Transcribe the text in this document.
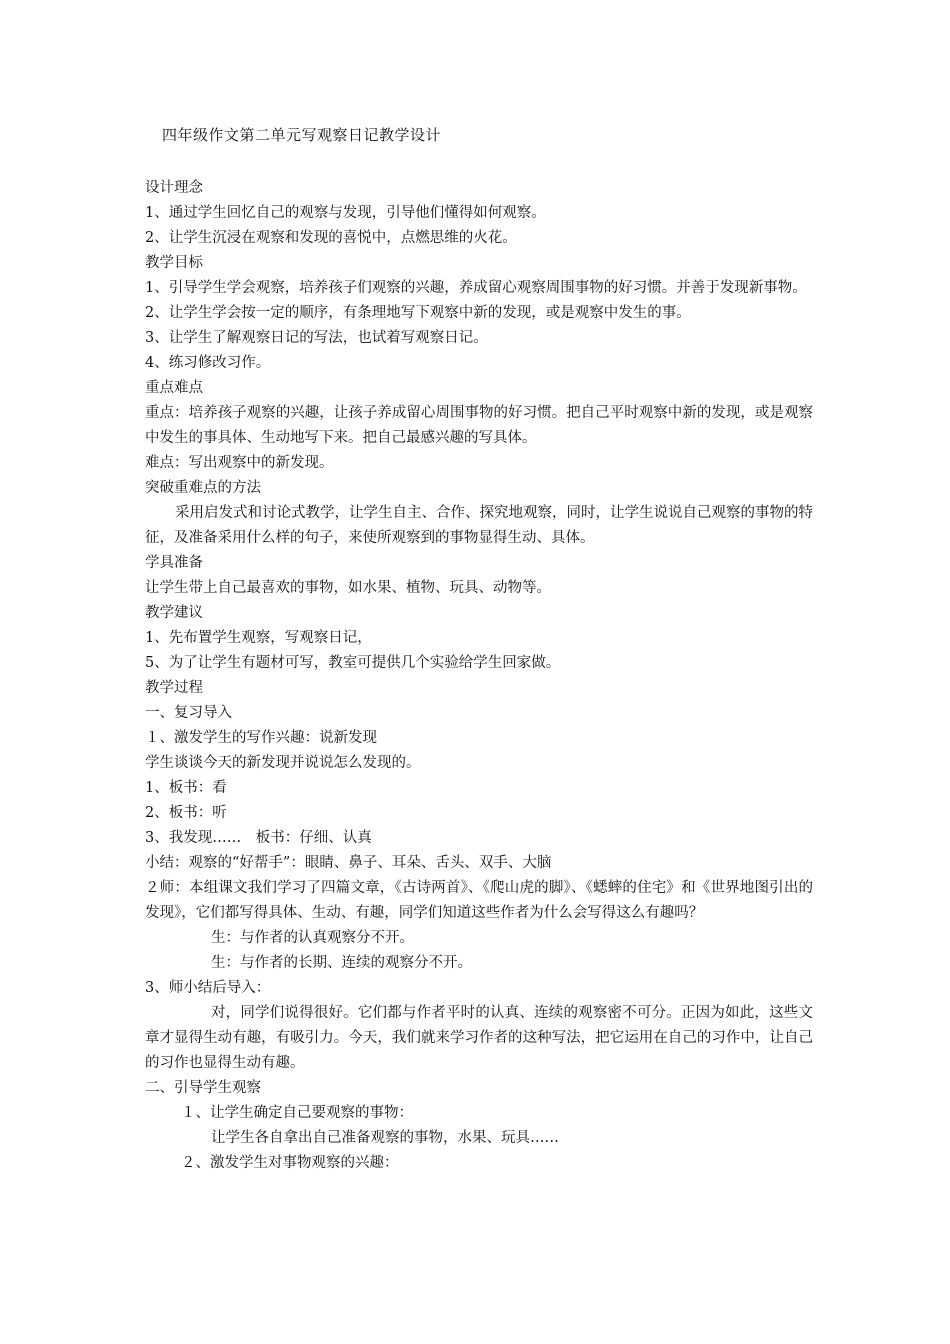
四年级作文第二单元写观察日记教学设计
设计理念
1、通过学生回忆自己的观察与发现，引导他们懂得如何观察。
2、让学生沉浸在观察和发现的喜悦中，点燃思维的火花。
教学目标
1、引导学生学会观察，培养孩子们观察的兴趣，养成留心观察周围事物的好习惯。并善于发现新事物。
2、让学生学会按一定的顺序，有条理地写下观察中新的发现，或是观察中发生的事。
3、让学生了解观察日记的写法，也试着写观察日记。
4、练习修改习作。
重点难点
重点：培养孩子观察的兴趣，让孩子养成留心周围事物的好习惯。把自己平时观察中新的发现，或是观察中发生的事具体、生动地写下来。把自己最感兴趣的写具体。
难点：写出观察中的新发现。
突破重难点的方法
采用启发式和讨论式教学，让学生自主、合作、探究地观察，同时，让学生说说自己观察的事物的特征，及准备采用什么样的句子，来使所观察到的事物显得生动、具体。
学具准备
让学生带上自己最喜欢的事物，如水果、植物、玩具、动物等。
教学建议
1、先布置学生观察，写观察日记，
5、为了让学生有题材可写，教室可提供几个实验给学生回家做。
教学过程
一、复习导入
１、激发学生的写作兴趣：说新发现
学生谈谈今天的新发现并说说怎么发现的。
1、板书：看
2、板书：听
3、我发现……　板书：仔细、认真
小结：观察的“好帮手”：眼睛、鼻子、耳朵、舌头、双手、大脑
２师：本组课文我们学习了四篇文章，《古诗两首》、《爬山虎的脚》、《蟋蟀的住宅》和《世界地图引出的发现》，它们都写得具体、生动、有趣，同学们知道这些作者为什么会写得这么有趣吗？
生：与作者的认真观察分不开。
生：与作者的长期、连续的观察分不开。
3、师小结后导入：
对，同学们说得很好。它们都与作者平时的认真、连续的观察密不可分。正因为如此，这些文章才显得生动有趣，有吸引力。今天，我们就来学习作者的这种写法，把它运用在自己的习作中，让自己的习作也显得生动有趣。
二、引导学生观察
１、让学生确定自己要观察的事物：
让学生各自拿出自己准备观察的事物，水果、玩具……
２、激发学生对事物观察的兴趣：
